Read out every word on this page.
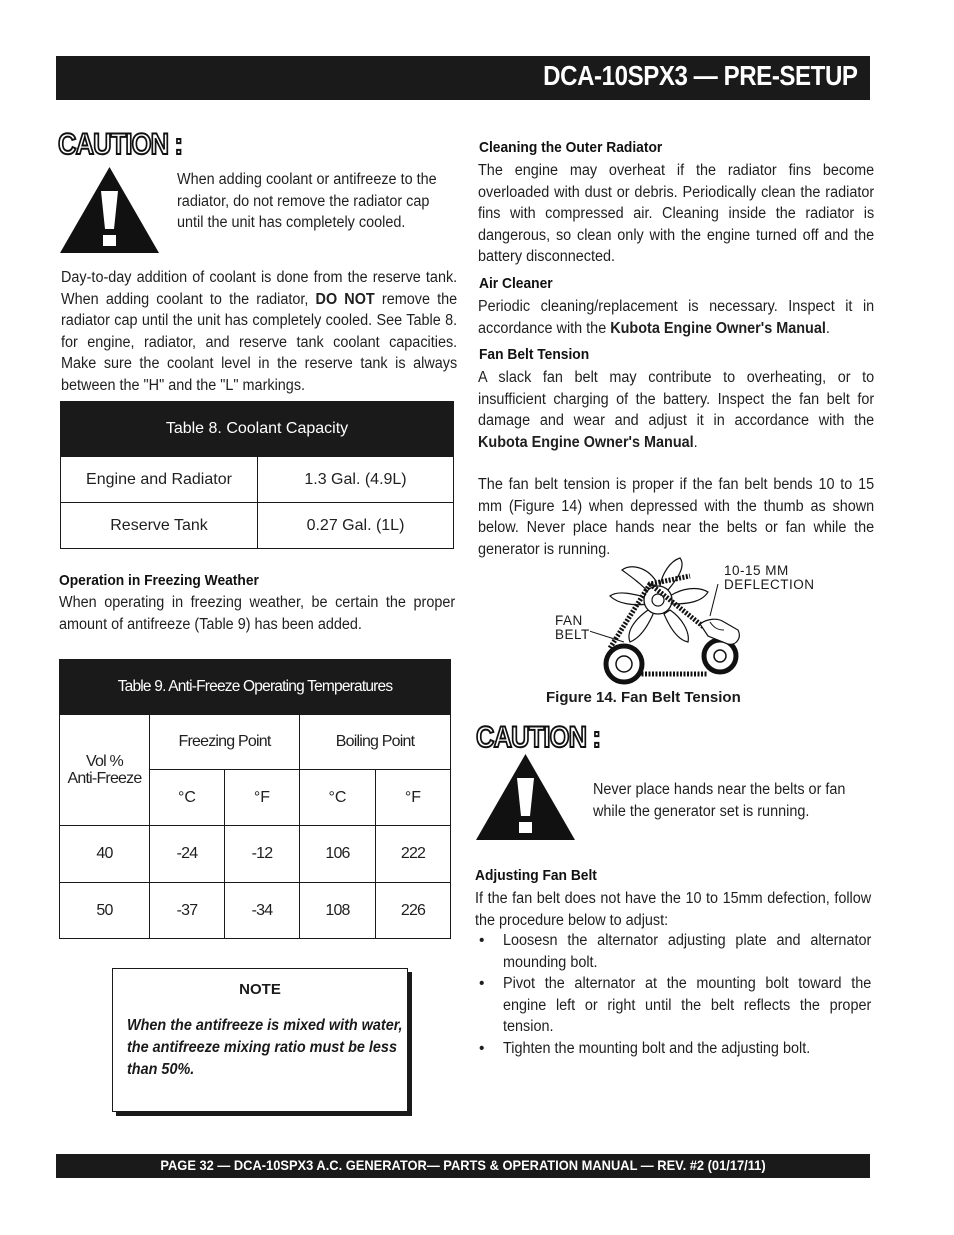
DCA-10SPX3 — PRE-SETUP
CAUTION :
When adding coolant or antifreeze to the radiator, do not remove the radiator cap until the unit has completely cooled.
Day-to-day addition of coolant is done from the reserve tank. When adding coolant to the radiator, DO NOT remove the radiator cap until the unit has completely cooled. See Table 8. for engine, radiator, and reserve tank coolant capacities. Make sure the coolant level in the reserve tank is always between the "H" and the "L" markings.
Table 8. Coolant Capacity	
Engine and Radiator	1.3 Gal. (4.9L)
Reserve Tank	0.27 Gal. (1L)
Operation in Freezing Weather
When operating in freezing weather, be certain the proper amount of antifreeze (Table 9) has been added.
Table 9. Anti-Freeze Operating Temperatures				

Vol %
Anti-Freeze	Freezing Point		Boiling Point	
	°C	°F	°C	°F
40	-24	-12	106	222
50	-37	-34	108	226
NOTE
When the antifreeze is mixed with water, the antifreeze mixing ratio must be less than 50%.
Cleaning the Outer Radiator
The engine may overheat if the radiator fins become overloaded with dust or debris. Periodically clean the radiator fins with compressed air. Cleaning inside the radiator is dangerous, so clean only with the engine turned off and the battery disconnected.
Air Cleaner
Periodic cleaning/replacement is necessary. Inspect it in accordance with the Kubota Engine Owner's Manual.
Fan Belt Tension
A slack fan belt may contribute to overheating, or to insufficient charging of the battery. Inspect the fan belt for damage and wear and adjust it in accordance with the Kubota Engine Owner's Manual.
The fan belt tension is proper if the fan belt bends 10 to 15 mm (Figure 14) when depressed with the thumb as shown below. Never place hands near the belts or fan while the generator is running.
10-15 MM
DEFLECTION
FAN
BELT
Figure 14. Fan Belt Tension
CAUTION :
Never place hands near the belts or fan while the generator set is running.
Adjusting Fan Belt
If the fan belt does not have the 10 to 15mm defection, follow the procedure below to adjust:
• Loosesn the alternator adjusting plate and alternator mounding bolt.
• Pivot the alternator at the mounting bolt toward the engine left or right until the belt reflects the proper tension.
• Tighten the mounting bolt and the adjusting bolt.
PAGE 32 — DCA-10SPX3 A.C. GENERATOR— PARTS & OPERATION MANUAL — REV. #2 (01/17/11)
